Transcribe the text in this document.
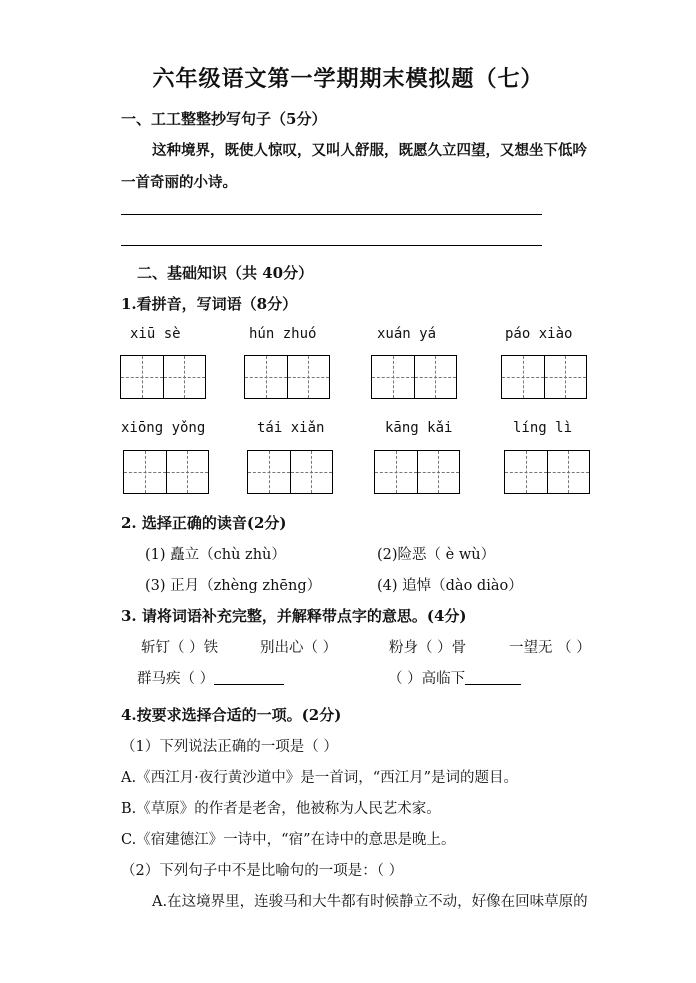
六年级语文第一学期期末模拟题（七）
一、工工整整抄写句子（5分）
这种境界，既使人惊叹，又叫人舒服，既愿久立四望，又想坐下低吟
一首奇丽的小诗。
二、基础知识（共 40分）
1.看拼音，写词语（8分）
xiū sè	hún zhuó	xuán yá	páo xiào
xiōng yǒng	tái xiǎn	kāng kǎi	líng lì
2. 选择正确的读音(2分)
(1) 矗立（chù zhù）	(2)险恶（ è wù）
(3) 正月（zhèng zhēng）	(4) 追悼（dào diào）
3. 请将词语补充完整，并解释带点字的意思。(4分)
斩钉（ ）铁	别出心（ ）	粉身（ ）骨	一望无 （ ）
群马疾（ ）	（ ）高临下
4.按要求选择合适的一项。(2分)
（1）下列说法正确的一项是（ ）
A.《西江月·夜行黄沙道中》是一首词，“西江月”是词的题目。
B.《草原》的作者是老舍，他被称为人民艺术家。
C.《宿建德江》一诗中，“宿”在诗中的意思是晚上。
（2）下列句子中不是比喻句的一项是：（ ）
A.在这境界里，连骏马和大牛都有时候静立不动，好像在回味草原的
